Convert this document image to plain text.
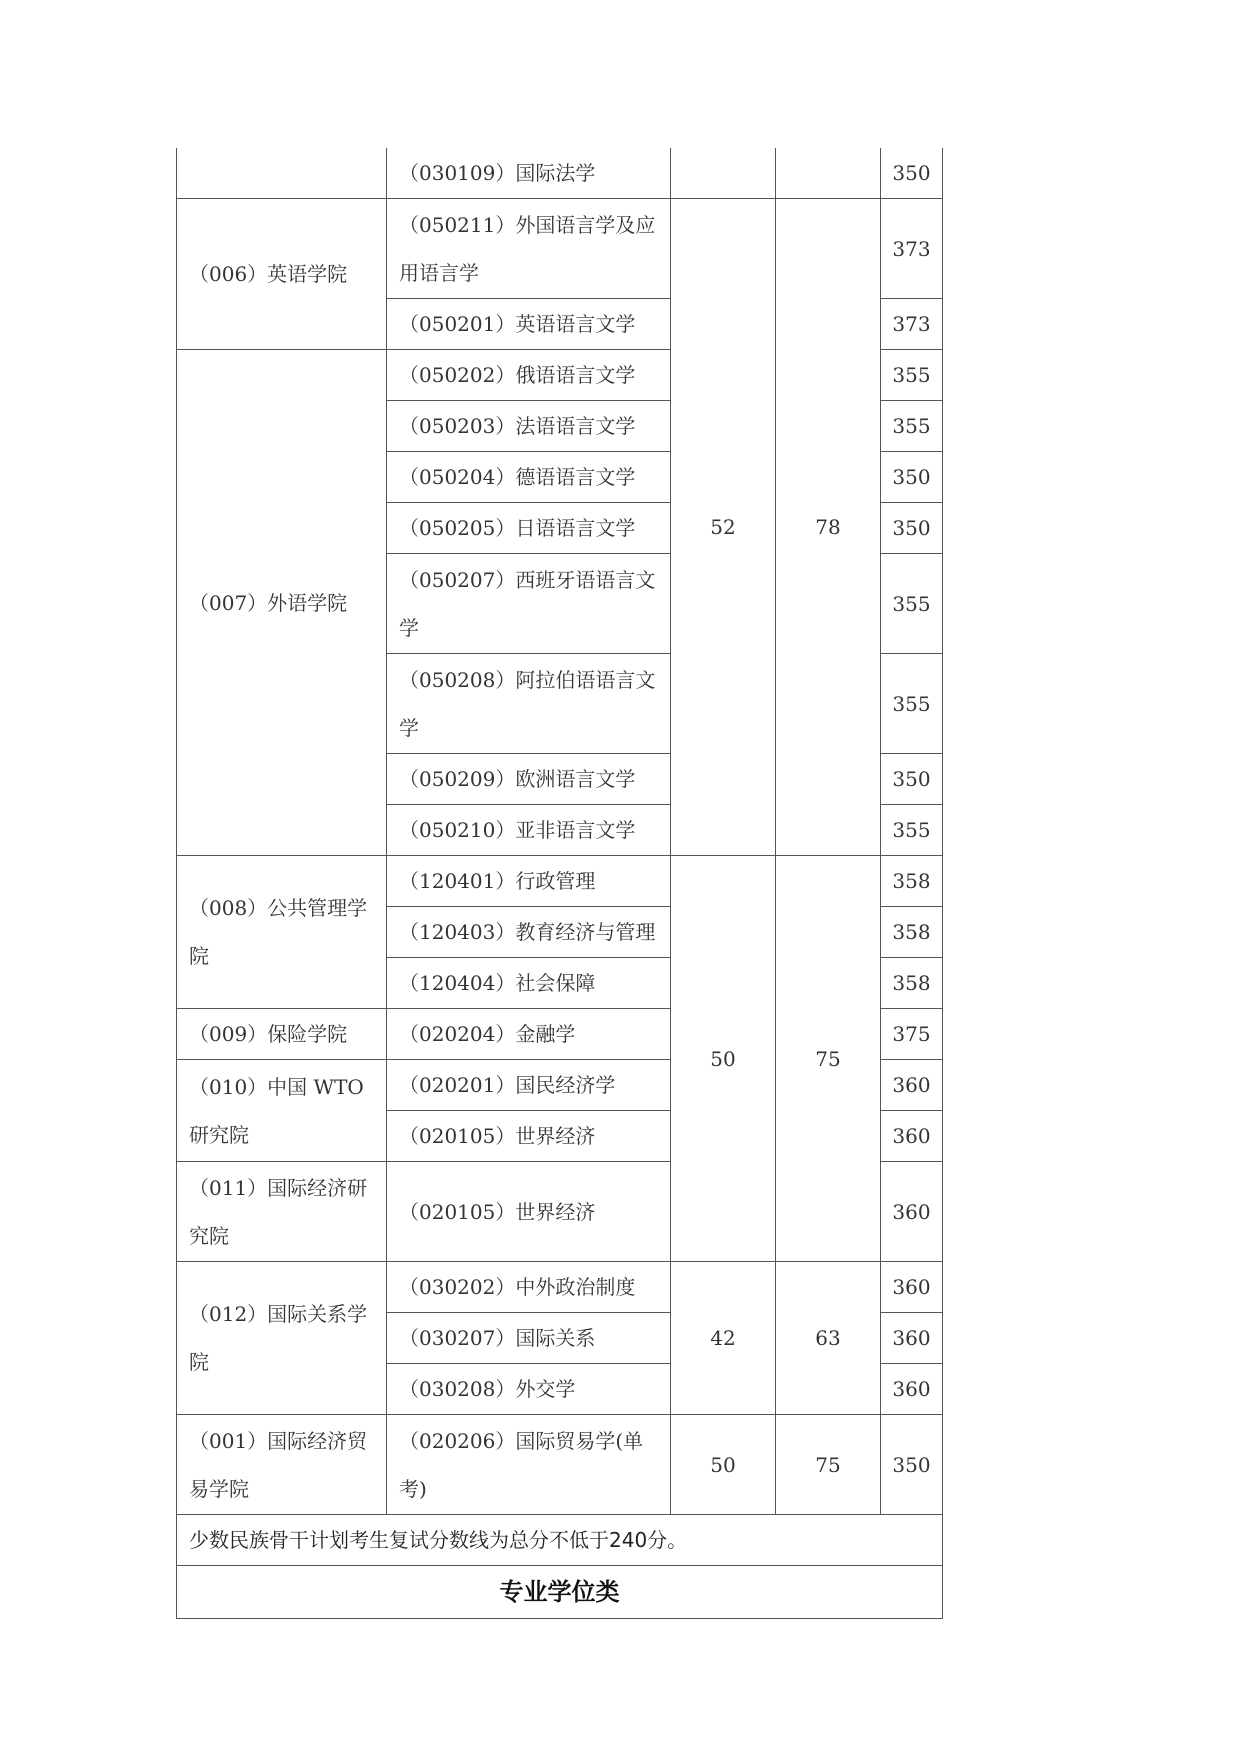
	（030109）国际法学			350
（006）英语学院	（050211）外国语言学及应用语言学	52	78	373
	（050201）英语语言文学			373
（007）外语学院	（050202）俄语语言文学			355
	（050203）法语语言文学			355
	（050204）德语语言文学			350
	（050205）日语语言文学			350
	（050207）西班牙语语言文学			355
	（050208）阿拉伯语语言文学			355
	（050209）欧洲语言文学			350
	（050210）亚非语言文学			355
（008）公共管理学院	（120401）行政管理	50	75	358
	（120403）教育经济与管理			358
	（120404）社会保障			358
（009）保险学院	（020204）金融学			375
（010）中国 WTO 研究院	（020201）国民经济学			360
	（020105）世界经济			360
（011）国际经济研究院	（020105）世界经济			360
（012）国际关系学院	（030202）中外政治制度	42	63	360
	（030207）国际关系			360
	（030208）外交学			360
（001）国际经济贸易学院	（020206）国际贸易学(单考)	50	75	350
少数民族骨干计划考生复试分数线为总分不低于240分。				
专业学位类				
